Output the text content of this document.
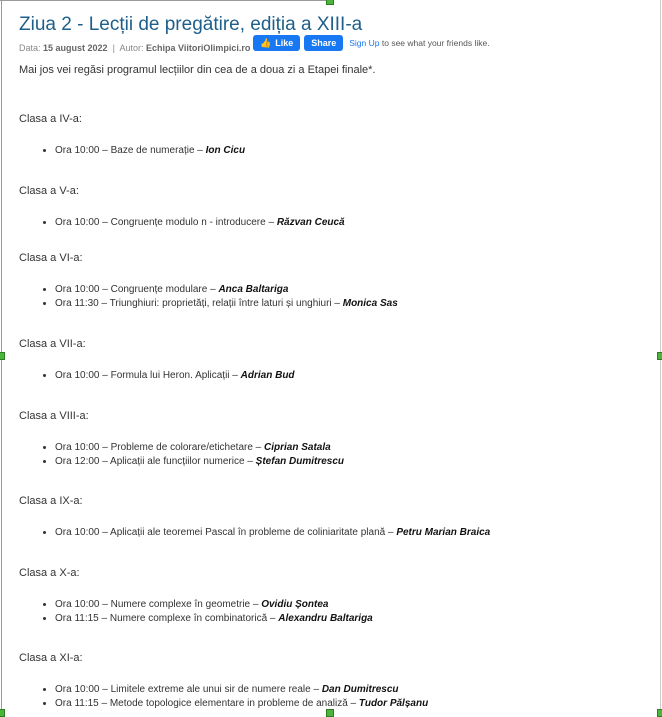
Ziua 2 - Lecții de pregătire, ediția a XIII-a
Data: 15 august 2022 | Autor: Echipa ViitoriOlimpici.ro 👍 Like	Share	Sign Up to see what your friends like.
Mai jos vei regăsi programul lecțiilor din cea de a doua zi a Etapei finale*.

Clasa a IV-a:

• Ora 10:00 – Baze de numerație – Ion Cicu

Clasa a V-a:

• Ora 10:00 – Congruențe modulo n - introducere – Răzvan Ceucă

Clasa a VI-a:

• Ora 10:00 – Congruențe modulare – Anca Baltariga
• Ora 11:30 – Triunghiuri: proprietăți, relații între laturi și unghiuri – Monica Sas

Clasa a VII-a:

• Ora 10:00 – Formula lui Heron. Aplicații – Adrian Bud

Clasa a VIII-a:

• Ora 10:00 – Probleme de colorare/etichetare – Ciprian Satala
• Ora 12:00 – Aplicații ale funcțiilor numerice – Ștefan Dumitrescu

Clasa a IX-a:

• Ora 10:00 – Aplicații ale teoremei Pascal în probleme de coliniaritate plană – Petru Marian Braica

Clasa a X-a:

• Ora 10:00 – Numere complexe în geometrie – Ovidiu Șontea
• Ora 11:15 – Numere complexe în combinatorică – Alexandru Baltariga

Clasa a XI-a:

• Ora 10:00 – Limitele extreme ale unui sir de numere reale – Dan Dumitrescu
• Ora 11:15 – Metode topologice elementare in probleme de analiză – Tudor Pălșanu
